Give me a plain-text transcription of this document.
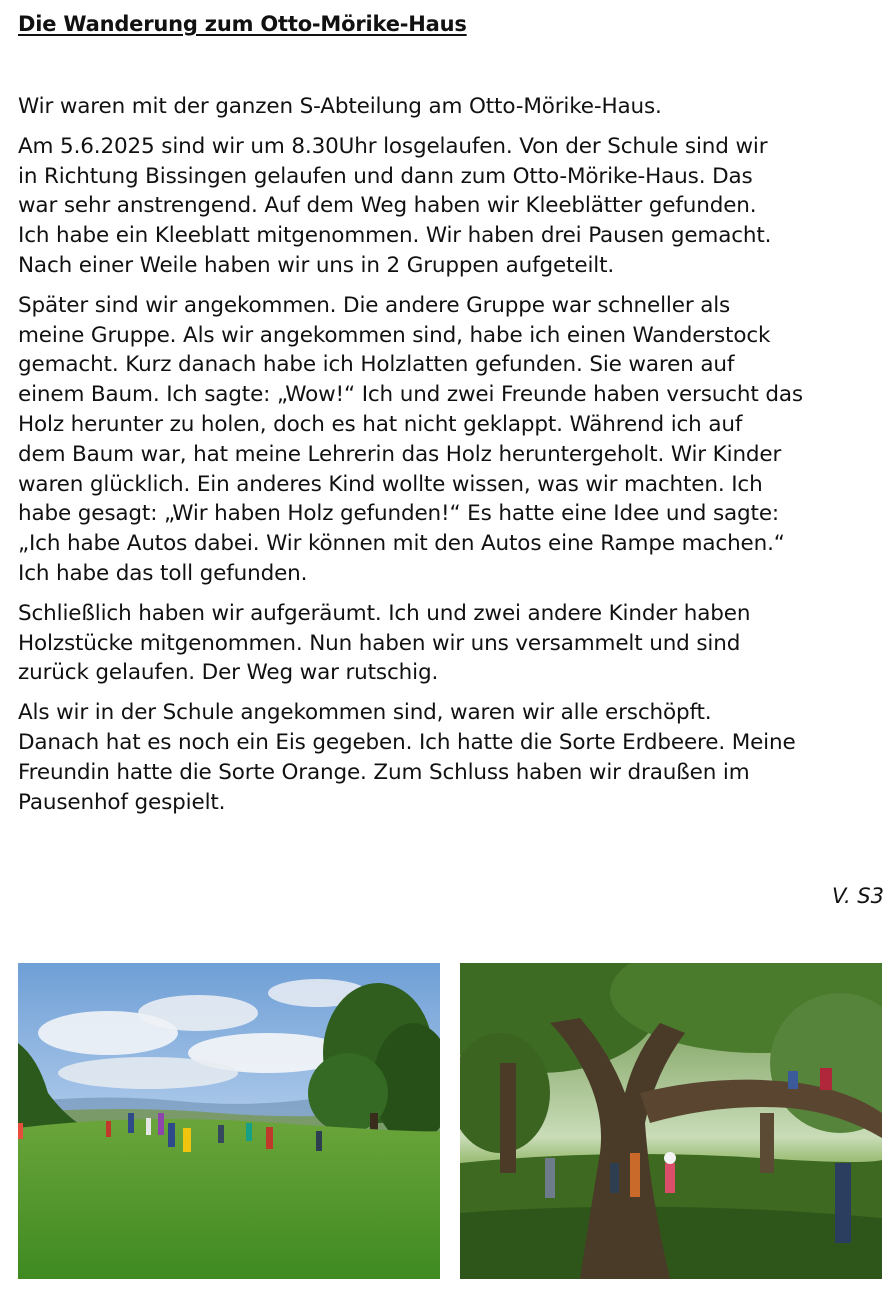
Die Wanderung zum Otto-Mörike-Haus

Wir waren mit der ganzen S-Abteilung am Otto-Mörike-Haus.

Am 5.6.2025 sind wir um 8.30Uhr losgelaufen. Von der Schule sind wir
in Richtung Bissingen gelaufen und dann zum Otto-Mörike-Haus. Das
war sehr anstrengend. Auf dem Weg haben wir Kleeblätter gefunden.
Ich habe ein Kleeblatt mitgenommen. Wir haben drei Pausen gemacht.
Nach einer Weile haben wir uns in 2 Gruppen aufgeteilt.

Später sind wir angekommen. Die andere Gruppe war schneller als
meine Gruppe. Als wir angekommen sind, habe ich einen Wanderstock
gemacht. Kurz danach habe ich Holzlatten gefunden. Sie waren auf
einem Baum. Ich sagte: „Wow!“ Ich und zwei Freunde haben versucht das
Holz herunter zu holen, doch es hat nicht geklappt. Während ich auf
dem Baum war, hat meine Lehrerin das Holz heruntergeholt. Wir Kinder
waren glücklich. Ein anderes Kind wollte wissen, was wir machten. Ich
habe gesagt: „Wir haben Holz gefunden!“ Es hatte eine Idee und sagte:
„Ich habe Autos dabei. Wir können mit den Autos eine Rampe machen.“
Ich habe das toll gefunden.

Schließlich haben wir aufgeräumt. Ich und zwei andere Kinder haben
Holzstücke mitgenommen. Nun haben wir uns versammelt und sind
zurück gelaufen. Der Weg war rutschig.

Als wir in der Schule angekommen sind, waren wir alle erschöpft.
Danach hat es noch ein Eis gegeben. Ich hatte die Sorte Erdbeere. Meine
Freundin hatte die Sorte Orange. Zum Schluss haben wir draußen im
Pausenhof gespielt.

V. S3
